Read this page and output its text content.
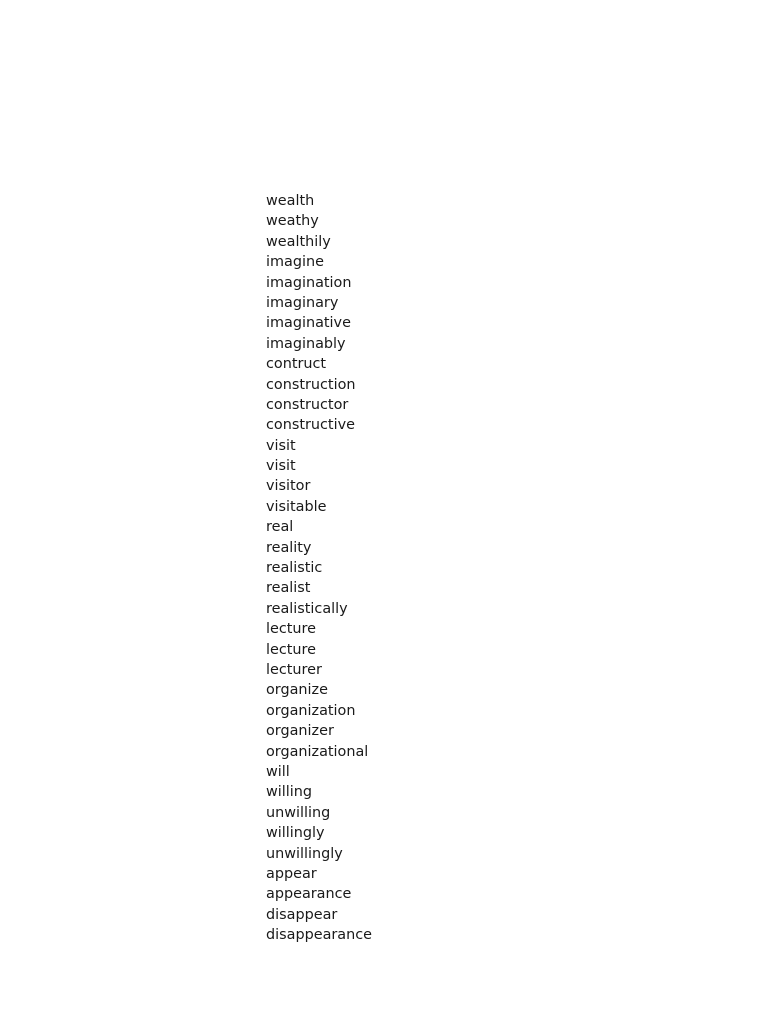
wealth
weathy
wealthily
imagine
imagination
imaginary
imaginative
imaginably
contruct
construction
constructor
constructive
visit
visit
visitor
visitable
real
reality
realistic
realist
realistically
lecture
lecture
lecturer
organize
organization
organizer
organizational
will
willing
unwilling
willingly
unwillingly
appear
appearance
disappear
disappearance
